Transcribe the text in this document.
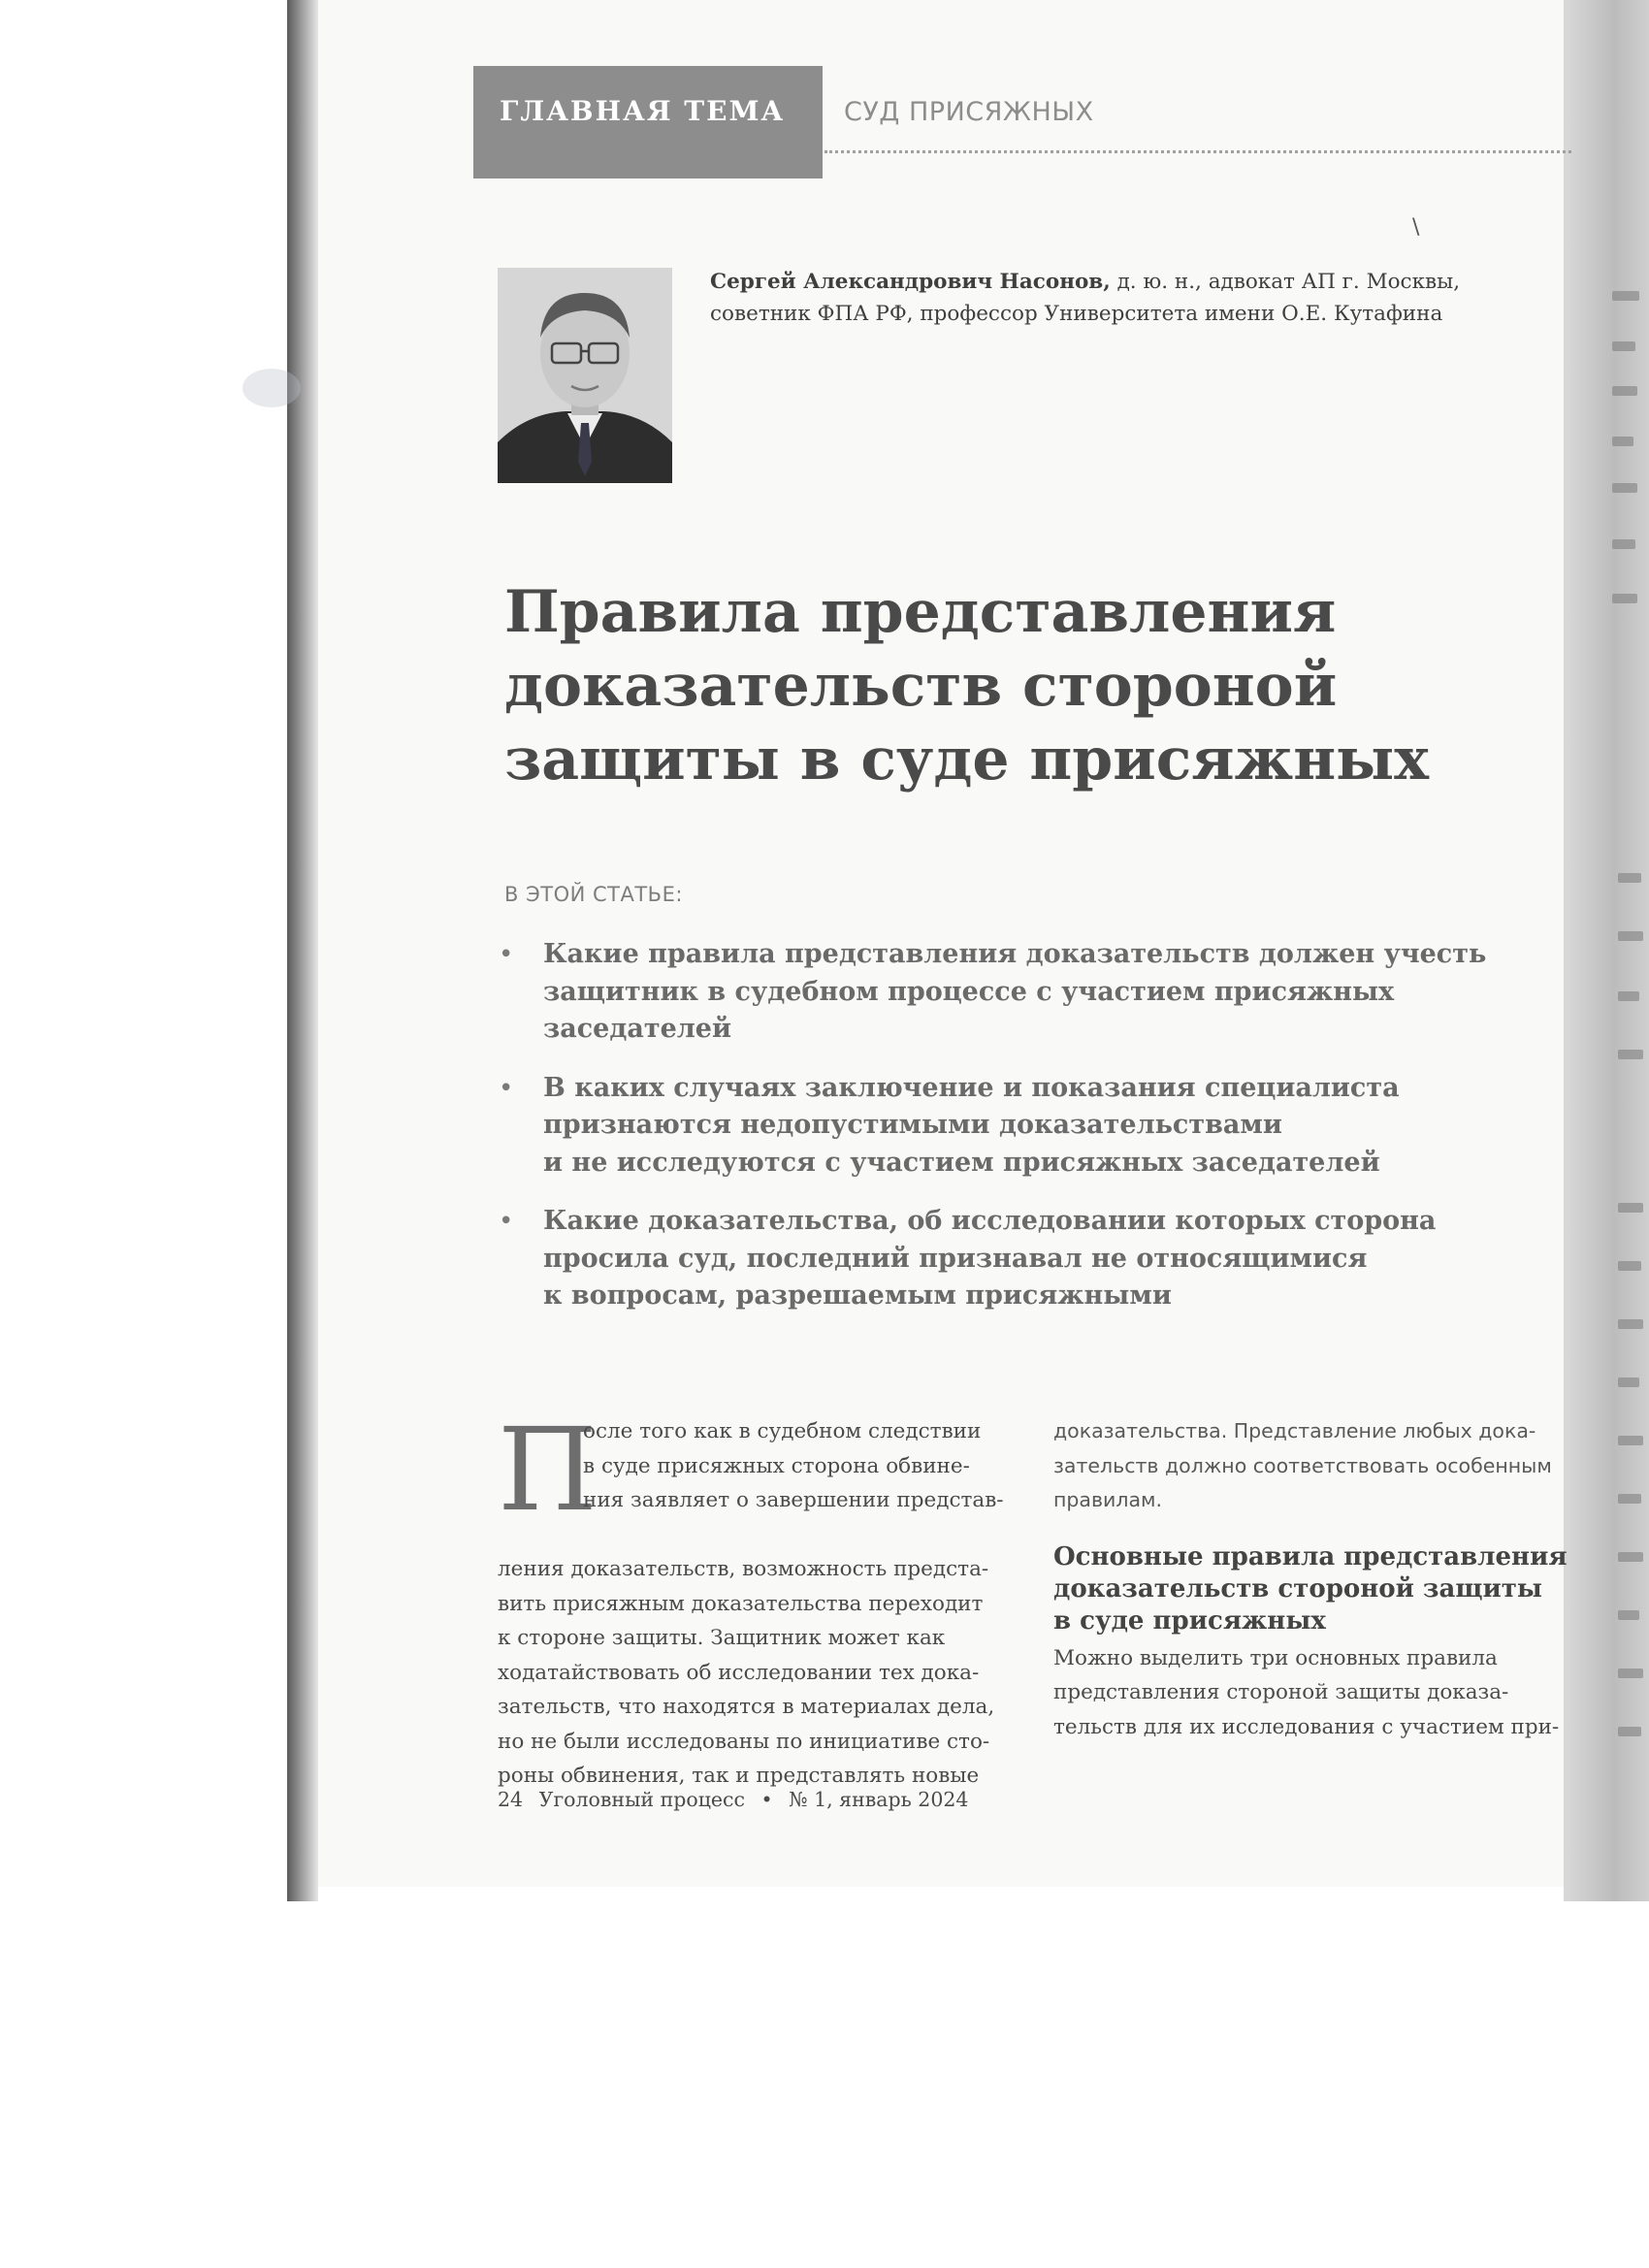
ГЛАВНАЯ ТЕМА СУД ПРИСЯЖНЫХ
\
Сергей Александрович Насонов, д. ю. н., адвокат АП г. Москвы,
советник ФПА РФ, профессор Университета имени О.Е. Кутафина
Правила представления
доказательств стороной
защиты в суде присяжных
В ЭТОЙ СТАТЬЕ:
• Какие правила представления доказательств должен учесть
защитник в судебном процессе с участием присяжных
заседателей
• В каких случаях заключение и показания специалиста
признаются недопустимыми доказательствами
и не исследуются с участием присяжных заседателей
• Какие доказательства, об исследовании которых сторона
просила суд, последний признавал не относящимися
к вопросам, разрешаемым присяжными
П
осле того как в судебном следствии
в суде присяжных сторона обвине-
ния заявляет о завершении предстaв-
ления доказательств, возможность предста-
вить присяжным доказательства переходит
к стороне защиты. Защитник может как
ходатайствовать об исследовании тех дока-
зательств, что находятся в материалах дела,
но не были исследованы по инициативе сто-
роны обвинения, так и представлять новые
доказательства. Представление любых дока-
зательств должно соответствовать особенным
правилам.
Основные правила представления
доказательств стороной защиты
в суде присяжных
Можно выделить три основных правила
представления стороной защиты доказа-
тельств для их исследования с участием при-
24 Уголовный процесс • № 1, январь 2024
